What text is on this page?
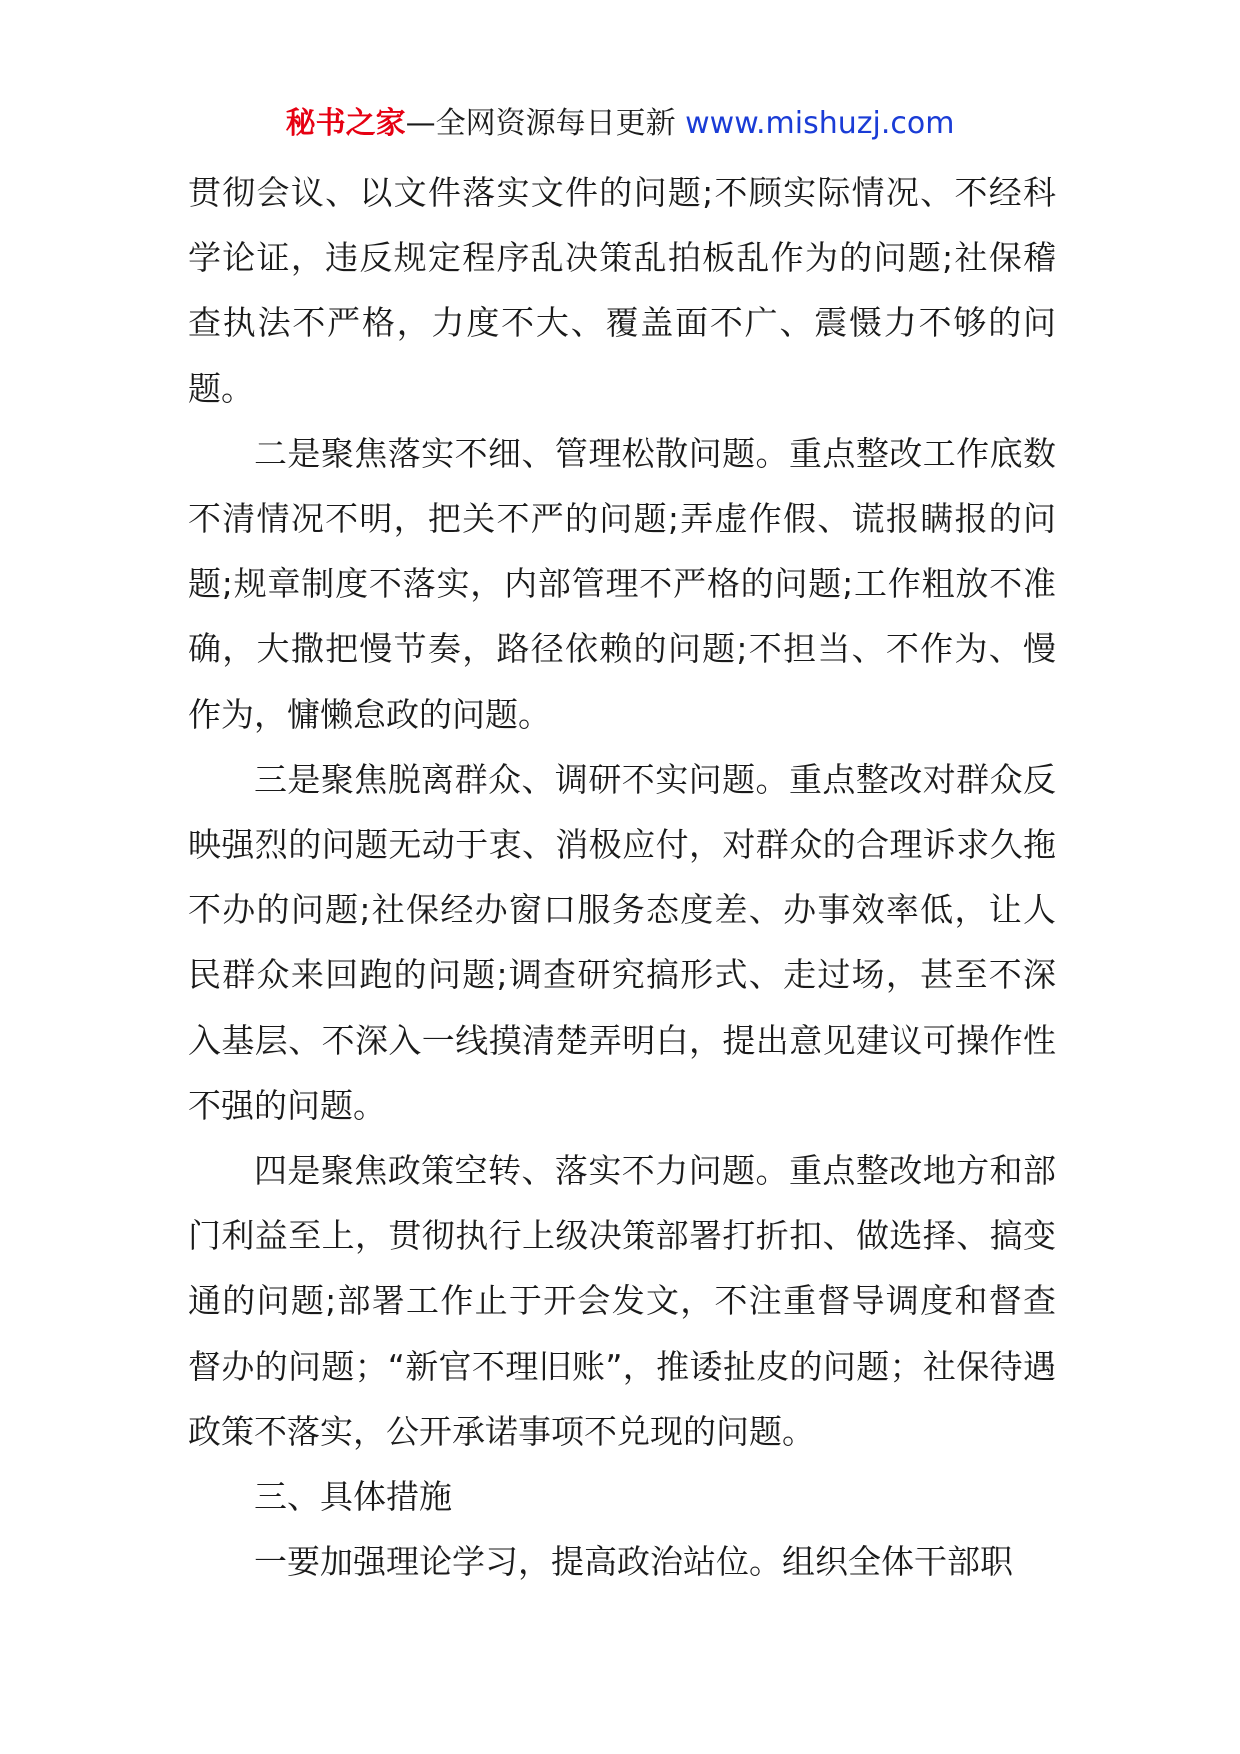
秘书之家—全网资源每日更新 www.mishuzj.com

贯彻会议、以文件落实文件的问题;不顾实际情况、不经科学论证，违反规定程序乱决策乱拍板乱作为的问题;社保稽查执法不严格，力度不大、覆盖面不广、震慑力不够的问题。

二是聚焦落实不细、管理松散问题。重点整改工作底数不清情况不明，把关不严的问题;弄虚作假、谎报瞒报的问题;规章制度不落实，内部管理不严格的问题;工作粗放不准确，大撒把慢节奏，路径依赖的问题;不担当、不作为、慢作为，慵懒怠政的问题。

三是聚焦脱离群众、调研不实问题。重点整改对群众反映强烈的问题无动于衷、消极应付，对群众的合理诉求久拖不办的问题;社保经办窗口服务态度差、办事效率低，让人民群众来回跑的问题;调查研究搞形式、走过场，甚至不深入基层、不深入一线摸清楚弄明白，提出意见建议可操作性不强的问题。

四是聚焦政策空转、落实不力问题。重点整改地方和部门利益至上，贯彻执行上级决策部署打折扣、做选择、搞变通的问题;部署工作止于开会发文，不注重督导调度和督查督办的问题；“新官不理旧账”，推诿扯皮的问题；社保待遇政策不落实，公开承诺事项不兑现的问题。

三、具体措施

一要加强理论学习，提高政治站位。组织全体干部职
